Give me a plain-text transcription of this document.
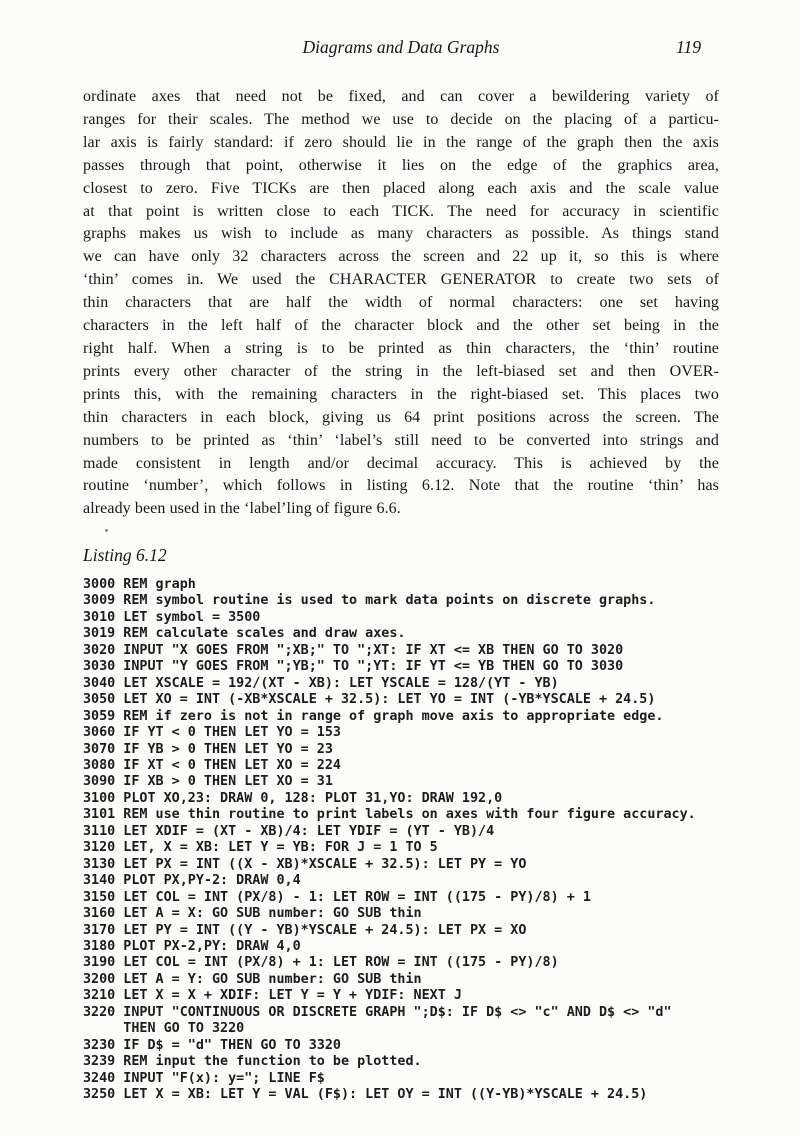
Diagrams and Data Graphs	119
ordinate axes that need not be fixed, and can cover a bewildering variety of
ranges for their scales. The method we use to decide on the placing of a particu-
lar axis is fairly standard: if zero should lie in the range of the graph then the axis
passes through that point, otherwise it lies on the edge of the graphics area,
closest to zero. Five TICKs are then placed along each axis and the scale value
at that point is written close to each TICK. The need for accuracy in scientific
graphs makes us wish to include as many characters as possible. As things stand
we can have only 32 characters across the screen and 22 up it, so this is where
‘thin’ comes in. We used the CHARACTER GENERATOR to create two sets of
thin characters that are half the width of normal characters: one set having
characters in the left half of the character block and the other set being in the
right half. When a string is to be printed as thin characters, the ‘thin’ routine
prints every other character of the string in the left-biased set and then OVER-
prints this, with the remaining characters in the right-biased set. This places two
thin characters in each block, giving us 64 print positions across the screen. The
numbers to be printed as ‘thin’ ‘label’s still need to be converted into strings and
made consistent in length and/or decimal accuracy. This is achieved by the
routine ‘number’, which follows in listing 6.12. Note that the routine ‘thin’ has
already been used in the ‘label’ling of figure 6.6.
Listing 6.12
3000 REM graph
3009 REM symbol routine is used to mark data points on discrete graphs.
3010 LET symbol = 3500
3019 REM calculate scales and draw axes.
3020 INPUT "X GOES FROM ";XB;" TO ";XT: IF XT <= XB THEN GO TO 3020
3030 INPUT "Y GOES FROM ";YB;" TO ";YT: IF YT <= YB THEN GO TO 3030
3040 LET XSCALE = 192/(XT - XB): LET YSCALE = 128/(YT - YB)
3050 LET XO = INT (-XB*XSCALE + 32.5): LET YO = INT (-YB*YSCALE + 24.5)
3059 REM if zero is not in range of graph move axis to appropriate edge.
3060 IF YT < 0 THEN LET YO = 153
3070 IF YB > 0 THEN LET YO = 23
3080 IF XT < 0 THEN LET XO = 224
3090 IF XB > 0 THEN LET XO = 31
3100 PLOT XO,23: DRAW 0, 128: PLOT 31,YO: DRAW 192,0
3101 REM use thin routine to print labels on axes with four figure accuracy.
3110 LET XDIF = (XT - XB)/4: LET YDIF = (YT - YB)/4
3120 LET, X = XB: LET Y = YB: FOR J = 1 TO 5
3130 LET PX = INT ((X - XB)*XSCALE + 32.5): LET PY = YO
3140 PLOT PX,PY-2: DRAW 0,4
3150 LET COL = INT (PX/8) - 1: LET ROW = INT ((175 - PY)/8) + 1
3160 LET A = X: GO SUB number: GO SUB thin
3170 LET PY = INT ((Y - YB)*YSCALE + 24.5): LET PX = XO
3180 PLOT PX-2,PY: DRAW 4,0
3190 LET COL = INT (PX/8) + 1: LET ROW = INT ((175 - PY)/8)
3200 LET A = Y: GO SUB number: GO SUB thin
3210 LET X = X + XDIF: LET Y = Y + YDIF: NEXT J
3220 INPUT "CONTINUOUS OR DISCRETE GRAPH ";D$: IF D$ <> "c" AND D$ <> "d"
THEN GO TO 3220
3230 IF D$ = "d" THEN GO TO 3320
3239 REM input the function to be plotted.
3240 INPUT "F(x): y="; LINE F$
3250 LET X = XB: LET Y = VAL (F$): LET OY = INT ((Y-YB)*YSCALE + 24.5)
